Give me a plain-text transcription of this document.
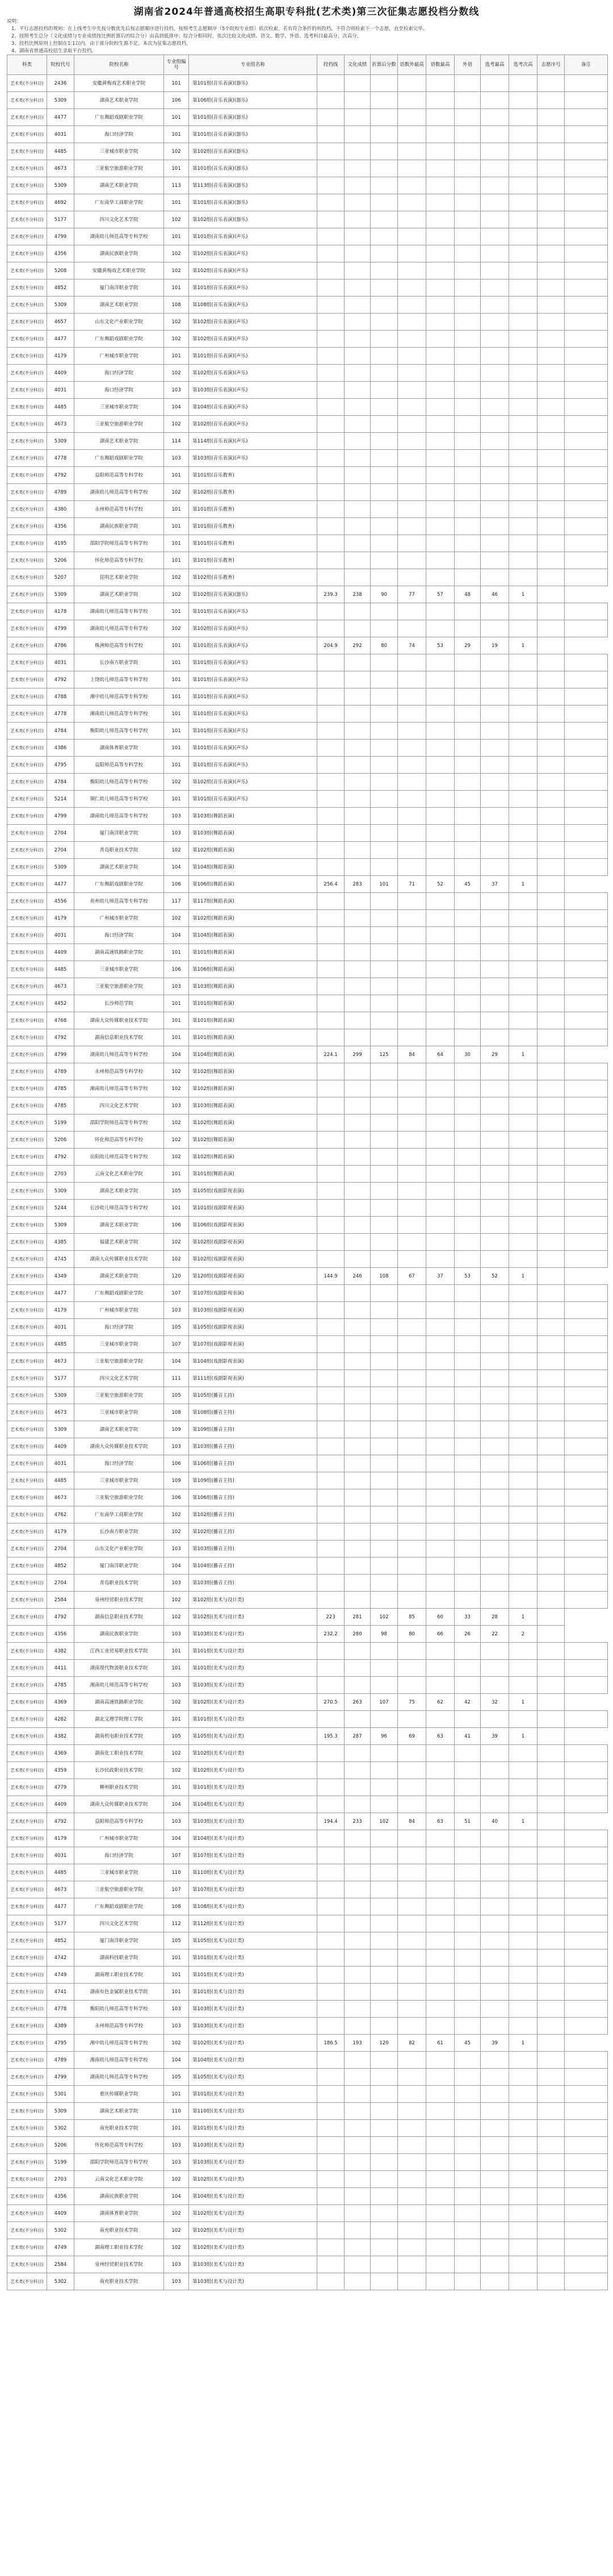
湖南省2024年普通高校招生高职专科批(艺术类)第三次征集志愿投档分数线
说明：
1、平行志愿投档的规则：在上线考生中先按分数优先后按志愿顺序进行投档，按照考生志愿顺序（5个院校专业组）依次检索，若有符合条件的则投档，不符合则检索下一个志愿，直至检索完毕。
2、按照考生总分（文化成绩与专业成绩按比例折算后的综合分）由高到低排序；综合分相同时，依次比较文化成绩、语文、数学、外语、选考科目最高分、次高分。
3、投档比例原则上控制在1:1以内，由于部分院校生源不足，本次为征集志愿投档。
4、湖南省普通高校招生录取平台投档。
科类	院校代号	院校名称	专业组编号	专业组名称	投档线	文化成绩	折算后分数	语数外最高	语数最高	外语	选考最高	选考次高	志愿序号	备注
艺术类(不分科目)	2436	安徽黄梅戏艺术职业学院	101	第101组(音乐表演)(器乐)										
艺术类(不分科目)	5309	湖南艺术职业学院	106	第106组(音乐表演)(器乐)										
艺术类(不分科目)	4477	广东舞蹈戏剧职业学院	101	第101组(音乐表演)(器乐)										
艺术类(不分科目)	4031	海口经济学院	101	第101组(音乐表演)(器乐)										
艺术类(不分科目)	4485	三亚城市职业学院	102	第102组(音乐表演)(器乐)										
艺术类(不分科目)	4673	三亚航空旅游职业学院	101	第101组(音乐表演)(器乐)										
艺术类(不分科目)	5309	湖南艺术职业学院	113	第113组(音乐表演)(器乐)										
艺术类(不分科目)	4692	广东南华工商职业学院	101	第101组(音乐表演)(器乐)										
艺术类(不分科目)	5177	四川文化艺术学院	102	第102组(音乐表演)(器乐)										
艺术类(不分科目)	4799	湖南幼儿师范高等专科学校	101	第101组(音乐表演)(声乐)										
艺术类(不分科目)	4356	湖南民族职业学院	102	第102组(音乐表演)(声乐)										
艺术类(不分科目)	5208	安徽黄梅戏艺术职业学院	102	第102组(音乐表演)(声乐)										
艺术类(不分科目)	4852	厦门南洋职业学院	101	第101组(音乐表演)(声乐)										
艺术类(不分科目)	5309	湖南艺术职业学院	108	第108组(音乐表演)(声乐)										
艺术类(不分科目)	4657	山东文化产业职业学院	102	第102组(音乐表演)(声乐)										
艺术类(不分科目)	4477	广东舞蹈戏剧职业学院	102	第102组(音乐表演)(声乐)										
艺术类(不分科目)	4179	广州城市职业学院	101	第101组(音乐表演)(声乐)										
艺术类(不分科目)	4409	海口经济学院	102	第102组(音乐表演)(声乐)										
艺术类(不分科目)	4031	海口经济学院	103	第103组(音乐表演)(声乐)										
艺术类(不分科目)	4485	三亚城市职业学院	104	第104组(音乐表演)(声乐)										
艺术类(不分科目)	4673	三亚航空旅游职业学院	102	第102组(音乐表演)(声乐)										
艺术类(不分科目)	5309	湖南艺术职业学院	114	第114组(音乐表演)(声乐)										
艺术类(不分科目)	4778	广东舞蹈戏剧职业学院	103	第103组(音乐表演)(声乐)										
艺术类(不分科目)	4792	益阳师范高等专科学校	101	第101组(音乐教育)										
艺术类(不分科目)	4789	湖南幼儿师范高等专科学校	102	第102组(音乐教育)										
艺术类(不分科目)	4380	永州师范高等专科学校	101	第101组(音乐教育)										
艺术类(不分科目)	4356	湖南民族职业学院	101	第101组(音乐教育)										
艺术类(不分科目)	4195	邵阳学院师范高等专科学校	101	第101组(音乐教育)										
艺术类(不分科目)	5206	怀化师范高等专科学校	101	第101组(音乐教育)										
艺术类(不分科目)	5207	昆明艺术职业学院	102	第102组(音乐教育)										
艺术类(不分科目)	5309	湖南艺术职业学院	102	第102组(音乐表演)(器乐)	239.3	238	90	77	57	48	46	1		
艺术类(不分科目)	4178	湖南幼儿师范高等专科学校	101	第101组(音乐表演)(声乐)										
艺术类(不分科目)	4799	湖南幼儿师范高等专科学校	102	第102组(音乐表演)(声乐)										
艺术类(不分科目)	4786	株洲师范高等专科学校	101	第101组(音乐表演)(声乐)	204.9	292	80	74	53	29	19	1		
艺术类(不分科目)	4031	长沙南方职业学院	101	第101组(音乐表演)(声乐)										
艺术类(不分科目)	4792	上饶幼儿师范高等专科学校	101	第101组(音乐表演)(声乐)										
艺术类(不分科目)	4788	湘中幼儿师范高等专科学校	101	第101组(音乐表演)(声乐)										
艺术类(不分科目)	4778	湘南幼儿师范高等专科学校	101	第101组(音乐表演)(声乐)										
艺术类(不分科目)	4784	衡阳幼儿师范高等专科学校	101	第101组(音乐表演)(声乐)										
艺术类(不分科目)	4386	湖南体育职业学院	101	第101组(音乐表演)(声乐)										
艺术类(不分科目)	4795	益阳师范高等专科学校	101	第101组(音乐表演)(声乐)										
艺术类(不分科目)	4784	衡阳幼儿师范高等专科学校	102	第102组(音乐表演)(声乐)										
艺术类(不分科目)	5214	铜仁幼儿师范高等专科学校	101	第101组(音乐表演)(声乐)										
艺术类(不分科目)	4799	湖南幼儿师范高等专科学校	103	第103组(舞蹈表演)										
艺术类(不分科目)	2704	厦门南洋职业学院	103	第103组(舞蹈表演)										
艺术类(不分科目)	2704	青岛职业技术学院	102	第102组(舞蹈表演)										
艺术类(不分科目)	5309	湖南艺术职业学院	104	第104组(舞蹈表演)										
艺术类(不分科目)	4477	广东舞蹈戏剧职业学院	106	第106组(舞蹈表演)	256.4	283	101	71	52	45	37	1		
艺术类(不分科目)	4556	贵州幼儿师范高等专科学校	117	第117组(舞蹈表演)										
艺术类(不分科目)	4179	广州城市职业学院	102	第102组(舞蹈表演)										
艺术类(不分科目)	4031	海口经济学院	104	第104组(舞蹈表演)										
艺术类(不分科目)	4409	湖南高速铁路职业学院	101	第101组(舞蹈表演)										
艺术类(不分科目)	4485	三亚城市职业学院	106	第106组(舞蹈表演)										
艺术类(不分科目)	4673	三亚航空旅游职业学院	103	第103组(舞蹈表演)										
艺术类(不分科目)	4452	长沙师范学院	101	第101组(舞蹈表演)										
艺术类(不分科目)	4768	湖南大众传媒职业技术学院	101	第101组(舞蹈表演)										
艺术类(不分科目)	4792	湖南信息职业技术学院	101	第101组(舞蹈表演)										
艺术类(不分科目)	4799	湖南幼儿师范高等专科学校	104	第104组(舞蹈表演)	224.1	299	125	84	64	30	29	1		
艺术类(不分科目)	4789	永州师范高等专科学校	102	第102组(舞蹈表演)										
艺术类(不分科目)	4785	湘南幼儿师范高等专科学校	102	第102组(舞蹈表演)										
艺术类(不分科目)	4785	四川文化艺术学院	103	第103组(舞蹈表演)										
艺术类(不分科目)	5199	邵阳学院师范高等专科学校	102	第102组(舞蹈表演)										
艺术类(不分科目)	5206	怀化师范高等专科学校	102	第102组(舞蹈表演)										
艺术类(不分科目)	4792	岳阳幼儿师范高等专科学校	102	第102组(舞蹈表演)										
艺术类(不分科目)	2703	云南文化艺术职业学院	101	第101组(舞蹈表演)										
艺术类(不分科目)	5309	湖南艺术职业学院	105	第105组(戏剧影视表演)										
艺术类(不分科目)	5244	长沙幼儿师范高等专科学校	101	第101组(戏剧影视表演)										
艺术类(不分科目)	5309	湖南艺术职业学院	106	第106组(戏剧影视表演)										
艺术类(不分科目)	4385	福建艺术职业学院	102	第102组(戏剧影视表演)										
艺术类(不分科目)	4745	湖南大众传媒职业技术学院	102	第102组(戏剧影视表演)										
艺术类(不分科目)	4349	湖南艺术职业学院	120	第120组(戏剧影视表演)	144.9	246	108	67	37	53	52	1		
艺术类(不分科目)	4477	广东舞蹈戏剧职业学院	107	第107组(戏剧影视表演)										
艺术类(不分科目)	4179	广州城市职业学院	103	第103组(戏剧影视表演)										
艺术类(不分科目)	4031	海口经济学院	105	第105组(戏剧影视表演)										
艺术类(不分科目)	4485	三亚城市职业学院	107	第107组(戏剧影视表演)										
艺术类(不分科目)	4673	三亚航空旅游职业学院	104	第104组(戏剧影视表演)										
艺术类(不分科目)	5177	四川文化艺术学院	111	第111组(戏剧影视表演)										
艺术类(不分科目)	5309	三亚航空旅游职业学院	105	第105组(播音主持)										
艺术类(不分科目)	4673	三亚城市职业学院	108	第108组(播音主持)										
艺术类(不分科目)	5309	湖南艺术职业学院	109	第109组(播音主持)										
艺术类(不分科目)	4409	湖南大众传媒职业技术学院	103	第103组(播音主持)										
艺术类(不分科目)	4031	海口经济学院	106	第106组(播音主持)										
艺术类(不分科目)	4485	三亚城市职业学院	109	第109组(播音主持)										
艺术类(不分科目)	4673	三亚航空旅游职业学院	106	第106组(播音主持)										
艺术类(不分科目)	4762	广东南华工商职业学院	102	第102组(播音主持)										
艺术类(不分科目)	4179	长沙南方职业学院	102	第102组(播音主持)										
艺术类(不分科目)	2704	山东文化产业职业学院	103	第103组(播音主持)										
艺术类(不分科目)	4852	厦门南洋职业学院	104	第104组(播音主持)										
艺术类(不分科目)	2704	青岛职业技术学院	103	第103组(播音主持)										
艺术类(不分科目)	2584	泉州经贸职业技术学院	102	第102组(美术与设计类)										
艺术类(不分科目)	4792	湖南信息职业技术学院	102	第102组(美术与设计类)	223	281	102	85	60	33	28	1		
艺术类(不分科目)	4356	湖南民族职业学院	103	第103组(美术与设计类)	232.2	280	98	80	66	26	22	2		
艺术类(不分科目)	4382	江西工业贸易职业技术学院	101	第101组(美术与设计类)										
艺术类(不分科目)	4411	湖南现代物流职业技术学院	101	第101组(美术与设计类)										
艺术类(不分科目)	4785	湘南幼儿师范高等专科学校	103	第103组(美术与设计类)										
艺术类(不分科目)	4369	湖南高速铁路职业学院	102	第102组(美术与设计类)	270.5	263	107	75	62	42	32	1		
艺术类(不分科目)	4282	湖北文理学院理工学院	101	第101组(美术与设计类)										
艺术类(不分科目)	4382	湖南机电职业技术学院	105	第105组(美术与设计类)	195.3	287	96	69	63	41	39	1		
艺术类(不分科目)	4369	湖南化工职业技术学院	102	第102组(美术与设计类)										
艺术类(不分科目)	4359	长沙民政职业技术学院	102	第102组(美术与设计类)										
艺术类(不分科目)	4779	柳州职业技术学院	101	第101组(美术与设计类)										
艺术类(不分科目)	4409	湖南大众传媒职业技术学院	104	第104组(美术与设计类)										
艺术类(不分科目)	4792	益阳师范高等专科学校	103	第103组(美术与设计类)	194.4	233	102	84	63	51	40	1		
艺术类(不分科目)	4179	广州城市职业学院	104	第104组(美术与设计类)										
艺术类(不分科目)	4031	海口经济学院	107	第107组(美术与设计类)										
艺术类(不分科目)	4485	三亚城市职业学院	110	第110组(美术与设计类)										
艺术类(不分科目)	4673	三亚航空旅游职业学院	107	第107组(美术与设计类)										
艺术类(不分科目)	4477	广东舞蹈戏剧职业学院	108	第108组(美术与设计类)										
艺术类(不分科目)	5177	四川文化艺术学院	112	第112组(美术与设计类)										
艺术类(不分科目)	4852	厦门南洋职业学院	105	第105组(美术与设计类)										
艺术类(不分科目)	4742	湖南科技职业学院	101	第101组(美术与设计类)										
艺术类(不分科目)	4749	湖南理工职业技术学院	101	第101组(美术与设计类)										
艺术类(不分科目)	4741	湖南有色金属职业技术学院	101	第101组(美术与设计类)										
艺术类(不分科目)	4778	衡阳幼儿师范高等专科学校	103	第103组(美术与设计类)										
艺术类(不分科目)	4389	永州师范高等专科学校	103	第103组(美术与设计类)										
艺术类(不分科目)	4795	湘中幼儿师范高等专科学校	102	第102组(美术与设计类)	186.5	193	120	82	61	45	39	1		
艺术类(不分科目)	4789	湘南幼儿师范高等专科学校	104	第104组(美术与设计类)										
艺术类(不分科目)	4799	湖南幼儿师范高等专科学校	105	第105组(美术与设计类)										
艺术类(不分科目)	5301	重庆传媒职业学院	101	第101组(美术与设计类)										
艺术类(不分科目)	5309	湖南艺术职业学院	110	第110组(美术与设计类)										
艺术类(不分科目)	5302	南充职业技术学院	101	第101组(美术与设计类)										
艺术类(不分科目)	5206	怀化师范高等专科学校	103	第103组(美术与设计类)										
艺术类(不分科目)	5199	邵阳学院师范高等专科学校	103	第103组(美术与设计类)										
艺术类(不分科目)	2703	云南文化艺术职业学院	102	第102组(美术与设计类)										
艺术类(不分科目)	4356	湖南民族职业学院	104	第104组(美术与设计类)										
艺术类(不分科目)	4409	湖南体育职业学院	102	第102组(美术与设计类)										
艺术类(不分科目)	5302	南充职业技术学院	102	第102组(美术与设计类)										
艺术类(不分科目)	4749	湖南理工职业技术学院	102	第102组(美术与设计类)										
艺术类(不分科目)	2584	泉州经贸职业技术学院	103	第103组(美术与设计类)										
艺术类(不分科目)	5302	南充职业技术学院	103	第103组(美术与设计类)										
